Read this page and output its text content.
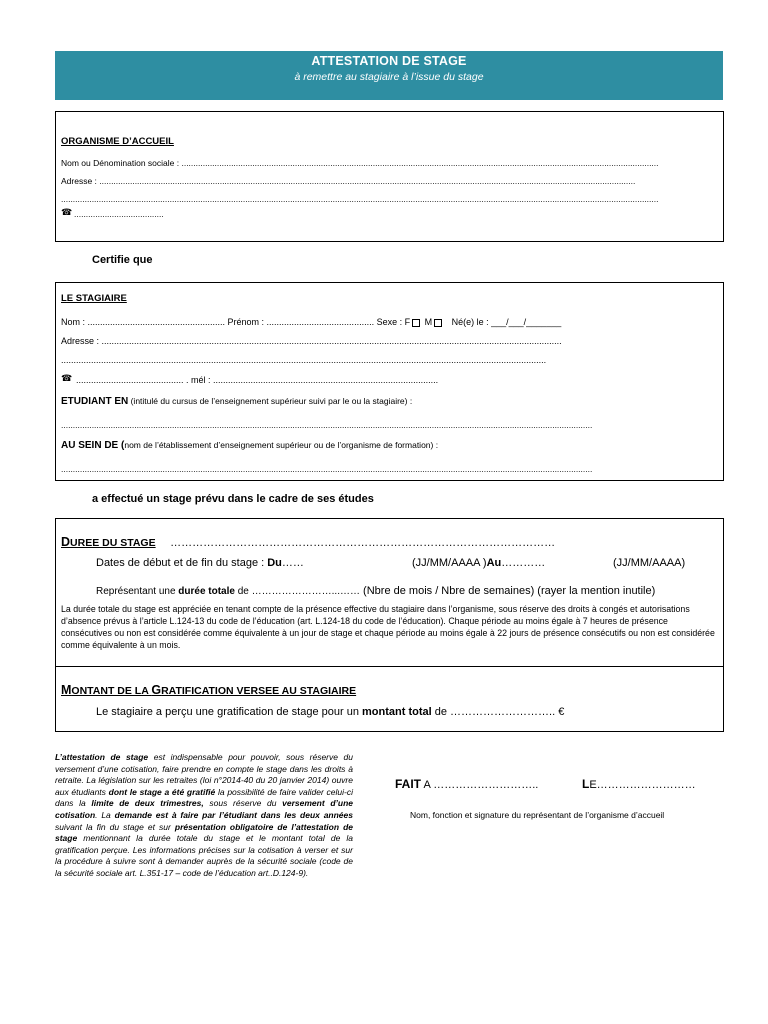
ATTESTATION DE STAGE
à remettre au stagiaire à l’issue du stage
ORGANISME D’ACCUEIL
Nom ou Dénomination sociale : ..........................................................................................................................................................................................................
Adresse : ...................................................................................................................................................................................................................................
.............................................................................................................................................................................................................................................................
☎ ......................................
Certifie que
LE STAGIAIRE
Nom : ....................................................... Prénom : ........................................... Sexe : F M Né(e) le : ___/___/_______
Adresse : ........................................................................................................................................................................................
..................................................................................................................................................................................................
☎ ........................................... . mél : ..........................................................................................
ETUDIANT EN (intitulé du cursus de l’enseignement supérieur suivi par le ou la stagiaire) :
.................................................................................................................................................................................................................................
AU SEIN DE (nom de l’établissement d’enseignement supérieur ou de l’organisme de formation) :
.................................................................................................................................................................................................................................
a effectué un stage prévu dans le cadre de ses études
DUREE DU STAGE ……………………………………………………………………………………………
Dates de début et de fin du stage : Du……	(JJ/MM/AAAA )Au…………	(JJ/MM/AAAA)
Représentant une durée totale de ……………………...…… (Nbre de mois / Nbre de semaines) (rayer la mention inutile)
La durée totale du stage est appréciée en tenant compte de la présence effective du stagiaire dans l’organisme, sous réserve des droits à congés et autorisations d’absence prévus à l’article L.124-13 du code de l’éducation (art. L.124-18 du code de l’éducation). Chaque période au moins égale à 7 heures de présence consécutives ou non est considérée comme équivalente à un jour de stage et chaque période au moins égale à 22 jours de présence consécutifs ou non est considérée comme équivalente à un mois.
MONTANT DE LA GRATIFICATION VERSEE AU STAGIAIRE
Le stagiaire a perçu une gratification de stage pour un montant total de ……………………….. €
L’attestation de stage est indispensable pour pouvoir, sous réserve du versement d’une cotisation, faire prendre en compte le stage dans les droits à retraite. La législation sur les retraites (loi n°2014-40 du 20 janvier 2014) ouvre aux étudiants dont le stage a été gratifié la possibilité de faire valider celui-ci dans la limite de deux trimestres, sous réserve du versement d’une cotisation. La demande est à faire par l’étudiant dans les deux années suivant la fin du stage et sur présentation obligatoire de l’attestation de stage mentionnant la durée totale du stage et le montant total de la gratification perçue. Les informations précises sur la cotisation à verser et sur la procédure à suivre sont à demander auprès de la sécurité sociale (code de la sécurité sociale art. L.351-17 – code de l’éducation art..D.124-9).
FAIT A ………………………..	LE………………………
Nom, fonction et signature du représentant de l’organisme d’accueil
